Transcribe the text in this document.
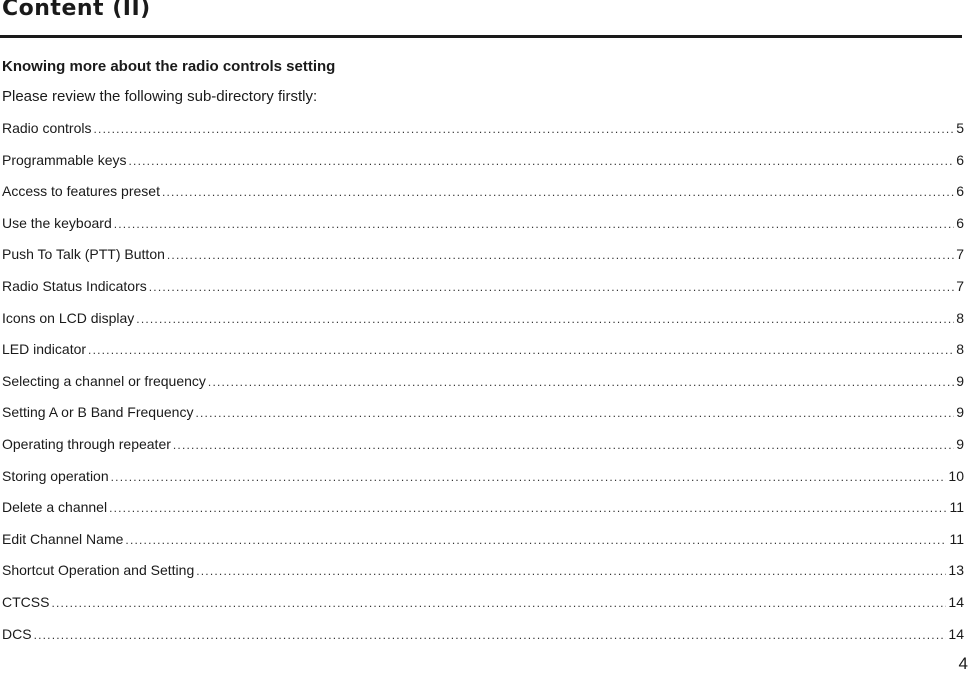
Content (II)
Knowing more about the radio controls setting
Please review the following sub-directory firstly:
Radio controls .....	5
Programmable keys .....	6
Access to features preset .....	6
Use the keyboard .....	6
Push To Talk (PTT) Button .....	7
Radio Status Indicators .....	7
Icons on LCD display .....	8
LED indicator .....	8
Selecting a channel or frequency .....	9
Setting A or B Band Frequency .....	9
Operating through repeater .....	9
Storing operation .....	10
Delete a channel .....	11
Edit Channel Name .....	11
Shortcut Operation and Setting .....	13
CTCSS .....	14
DCS .....	14
4
